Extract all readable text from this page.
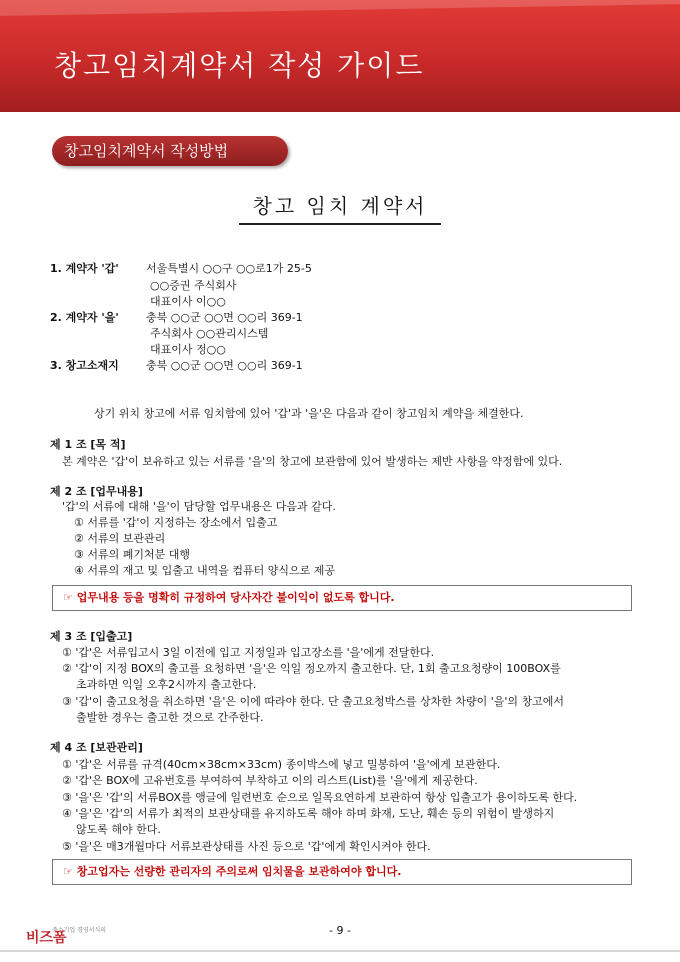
창고임치계약서 작성 가이드
창고임치계약서 작성방법
창고 임치 계약서
1. 계약자 '갑' 서울특별시 ○○구 ○○로1가 25-5
○○증권 주식회사
대표이사 이○○
2. 계약자 '을' 충북 ○○군 ○○면 ○○리 369-1
주식회사 ○○관리시스템
대표이사 정○○
3. 창고소재지 충북 ○○군 ○○면 ○○리 369-1
상기 위치 창고에 서류 임치함에 있어 '갑'과 '을'은 다음과 같이 창고임치 계약을 체결한다.
제 1 조 [목 적]
본 계약은 '갑'이 보유하고 있는 서류를 '을'의 창고에 보관함에 있어 발생하는 제반 사항을 약정함에 있다.
제 2 조 [업무내용]
'갑'의 서류에 대해 '을'이 담당할 업무내용은 다음과 같다.
① 서류를 '갑'이 지정하는 장소에서 입출고
② 서류의 보관관리
③ 서류의 폐기처분 대행
④ 서류의 재고 및 입출고 내역을 컴퓨터 양식으로 제공
☞ 업무내용 등을 명확히 규정하여 당사자간 불이익이 없도록 합니다.
제 3 조 [입출고]
① '갑'은 서류입고시 3일 이전에 입고 지정일과 입고장소를 '을'에게 전달한다.
② '갑'이 지정 BOX의 출고를 요청하면 '을'은 익일 정오까지 출고한다. 단, 1회 출고요청량이 100BOX를
초과하면 익일 오후2시까지 출고한다.
③ '갑'이 출고요청을 취소하면 '을'은 이에 따라야 한다. 단 출고요청박스를 상차한 차량이 '을'의 창고에서
출발한 경우는 출고한 것으로 간주한다.
제 4 조 [보관관리]
① '갑'은 서류를 규격(40cm×38cm×33cm) 종이박스에 넣고 밀봉하여 '을'에게 보관한다.
② '갑'은 BOX에 고유번호를 부여하여 부착하고 이의 리스트(List)를 '을'에게 제공한다.
③ '을'은 '갑'의 서류BOX를 앵글에 일련번호 순으로 일목요연하게 보관하여 항상 입출고가 용이하도록 한다.
④ '을'은 '갑'의 서류가 최적의 보관상태를 유지하도록 해야 하며 화재, 도난, 훼손 등의 위험이 발생하지
않도록 해야 한다.
⑤ '을'은 매3개월마다 서류보관상태를 사진 등으로 '갑'에게 확인시켜야 한다.
☞ 창고업자는 선량한 관리자의 주의로써 임치물을 보관하여야 합니다.
중소기업 경영서식의
비즈폼	- 9 -
